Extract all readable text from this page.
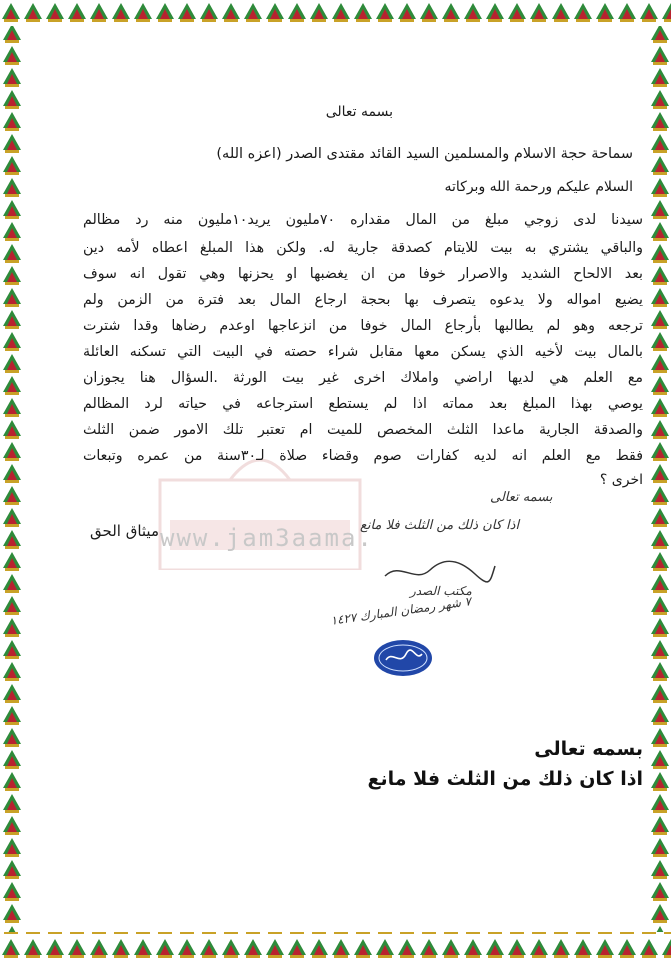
www.jam3aama.
بسمه تعالى
سماحة حجة الاسلام والمسلمين السيد القائد مقتدى الصدر (اعزه الله)
السلام عليكم ورحمة الله وبركاته
سيدنا لدى زوجي مبلغ من المال مقداره ٧٠مليون يريد١٠مليون منه رد مظالم
والباقي يشتري به بيت للايتام كصدقة جارية له. ولكن هذا المبلغ اعطاه لأمه دين
بعد الالحاح الشديد والاصرار خوفا من ان يغضبها او يحزنها وهي تقول انه سوف
يضيع امواله ولا يدعوه يتصرف بها بحجة ارجاع المال بعد فترة من الزمن ولم
ترجعه وهو لم يطالبها بأرجاع المال خوفا من انزعاجها اوعدم رضاها وقدا شترت
بالمال بيت لأخيه الذي يسكن معها مقابل شراء حصته في البيت التي تسكنه العائلة
مع العلم هي لديها اراضي واملاك اخرى غير بيت الورثة .السؤال هنا يجوزان
يوصي بهذا المبلغ بعد مماته اذا لم يستطع استرجاعه في حياته لرد المظالم
والصدقة الجارية ماعدا الثلث المخصص للميت ام تعتبر تلك الامور ضمن الثلث
فقط مع العلم انه لديه كفارات صوم وقضاء صلاة لـ٣٠سنة من عمره وتبعات
اخرى ؟
ميثاق الحق
بسمه تعالى
اذا كان ذلك من الثلث فلا مانع
مكتب الصدر
٧ شهر رمضان المبارك ١٤٢٧
بسمه تعالى
اذا كان ذلك من الثلث فلا مانع
